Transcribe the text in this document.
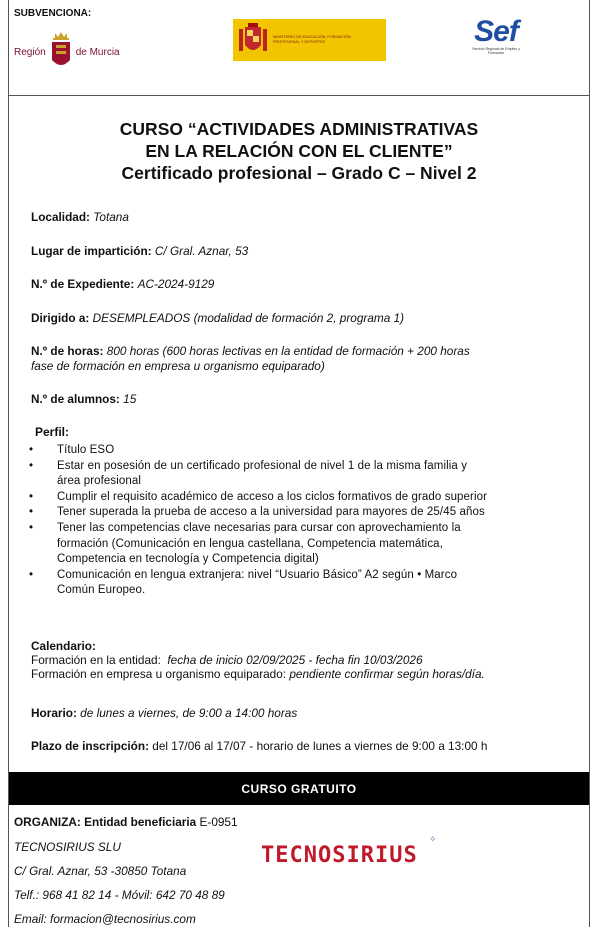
SUBVENCIONA:
Región	de Murcia
MINISTERIO DE EDUCACIÓN, FORMACIÓN PROFESIONAL Y DEPORTES	Sef
Servicio Regional de Empleo y Formación
CURSO “ACTIVIDADES ADMINISTRATIVAS
EN LA RELACIÓN CON EL CLIENTE”
Certificado profesional – Grado C – Nivel 2
Localidad: Totana
Lugar de impartición: C/ Gral. Aznar, 53
N.º de Expediente: AC-2024-9129
Dirigido a: DESEMPLEADOS (modalidad de formación 2, programa 1)
N.º de horas: 800 horas (600 horas lectivas en la entidad de formación + 200 horas
fase de formación en empresa u organismo equiparado)
N.º de alumnos: 15
Perfil:
• Título ESO
• Estar en posesión de un certificado profesional de nivel 1 de la misma familia y
área profesional
• Cumplir el requisito académico de acceso a los ciclos formativos de grado superior
• Tener superada la prueba de acceso a la universidad para mayores de 25/45 años
• Tener las competencias clave necesarias para cursar con aprovechamiento la
formación (Comunicación en lengua castellana, Competencia matemática,
Competencia en tecnología y Competencia digital)
• Comunicación en lengua extranjera: nivel “Usuario Básico” A2 según • Marco
Común Europeo.
Calendario:
Formación en la entidad: fecha de inicio 02/09/2025 - fecha fin 10/03/2026
Formación en empresa u organismo equiparado: pendiente confirmar según horas/día.
Horario: de lunes a viernes, de 9:00 a 14:00 horas
Plazo de inscripción: del 17/06 al 17/07 - horario de lunes a viernes de 9:00 a 13:00 h
CURSO GRATUITO
ORGANIZA: Entidad beneficiaria E-0951
TECNOSIRIUS SLU
C/ Gral. Aznar, 53 -30850 Totana
Telf.: 968 41 82 14 - Móvil: 642 70 48 89
Email: formacion@tecnosirius.com
✧
TECNOSIRIUS
